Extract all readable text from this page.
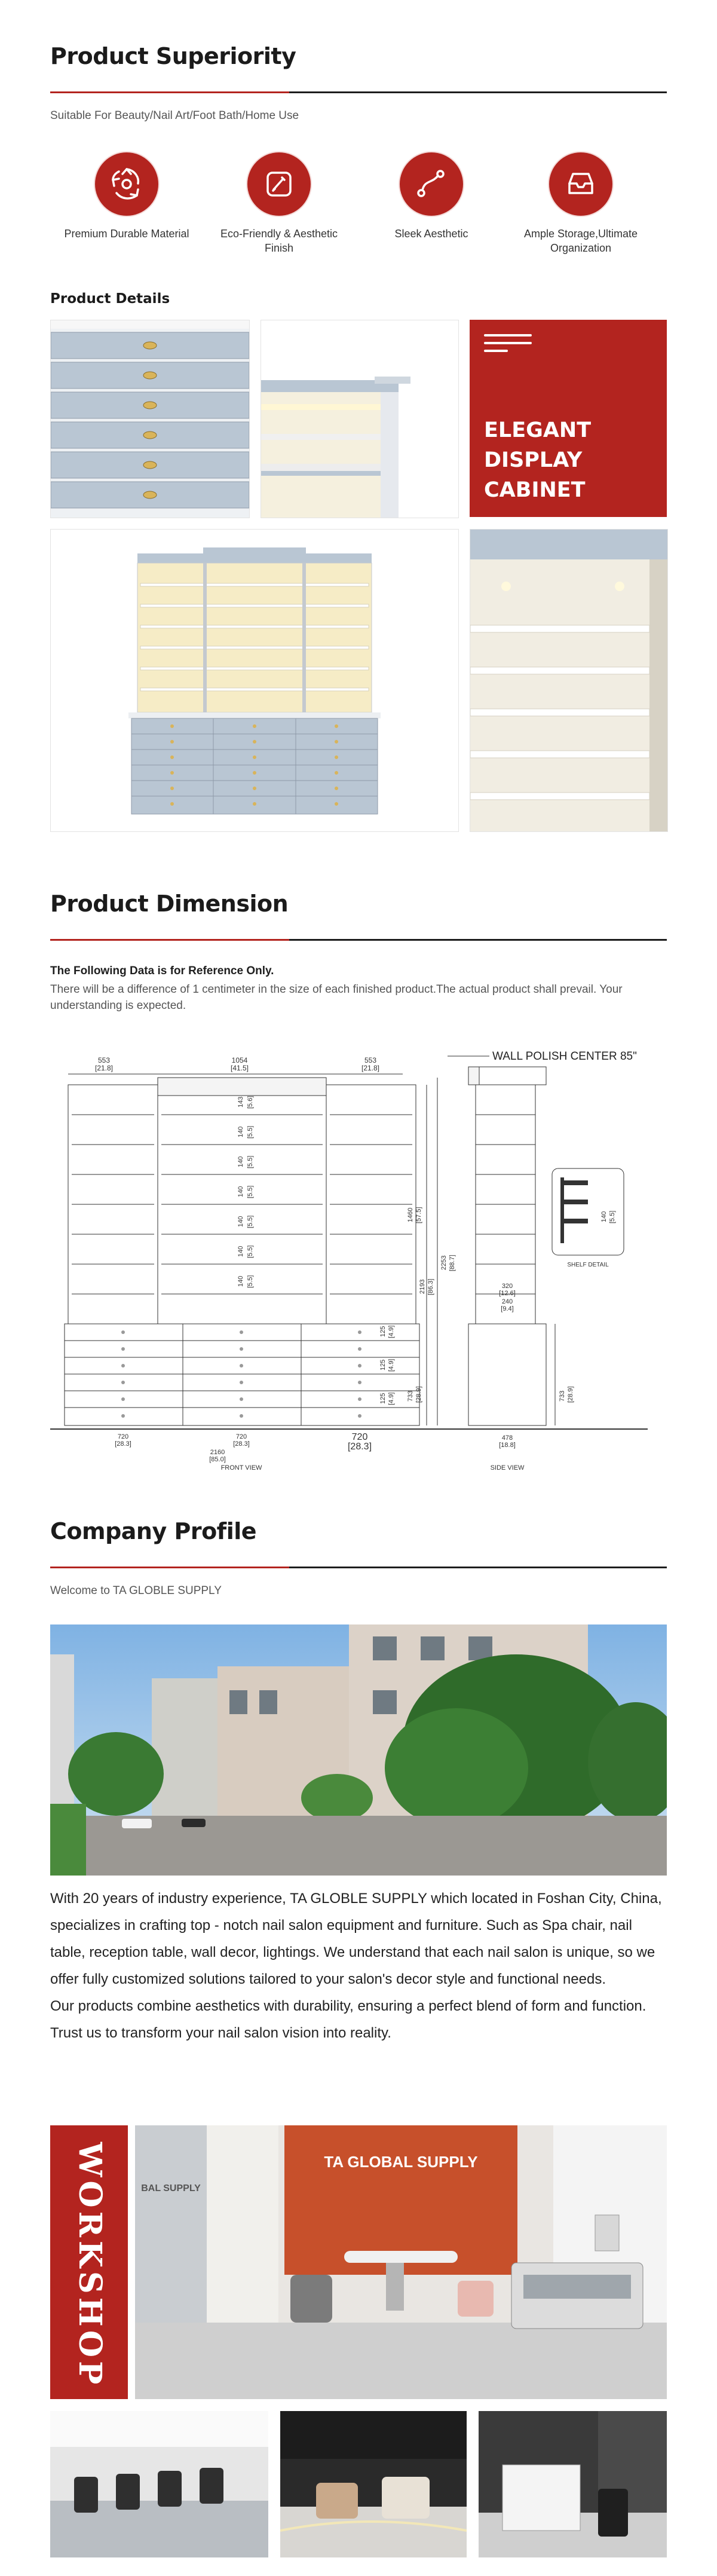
Product Superiority

Suitable For Beauty/Nail Art/Foot Bath/Home Use

Premium Durable Material	Eco-Friendly & Aesthetic Finish
Sleek Aesthetic	Ample Storage,Ultimate Organization
Product Details
ELEGANT
DISPLAY
CABINET
Product Dimension

The Following Data is for Reference Only.

There will be a difference of 1 centimeter in the size of each finished product.The actual product shall prevail. Your understanding is expected.

553
[21.8]
1054
[41.5]
553
[21.8]
WALL POLISH CENTER 85"
143 [5.6]
140 [5.5]
140 [5.5]
140 [5.5]
140 [5.5]
140 [5.5]
140 [5.5]
125 [4.9]
125 [4.9]
125 [4.9]
1460 [57.5]
2193 [86.3]
2253 [88.7]
733 [28.9]
720
[28.3]
720
[28.3]
720
[28.3]
2160
[85.0]
FRONT VIEW
320
[12.6]
240
[9.4]
478
[18.8]
SIDE VIEW
733 [28.9]
140 [5.5]
SHELF DETAIL
Company Profile

Welcome to TA GLOBLE SUPPLY

With 20 years of industry experience, TA GLOBLE SUPPLY which located in Foshan City, China, specializes in crafting top - notch nail salon equipment and furniture. Such as Spa chair, nail table, reception table, wall decor, lightings. We understand that each nail salon is unique, so we offer fully customized solutions tailored to your salon's decor style and functional needs.

Our products combine aesthetics with durability, ensuring a perfect blend of form and function.

Trust us to transform your nail salon vision into reality.

WORKSHOP	TA GLOBAL SUPPLY
BAL SUPPLY
